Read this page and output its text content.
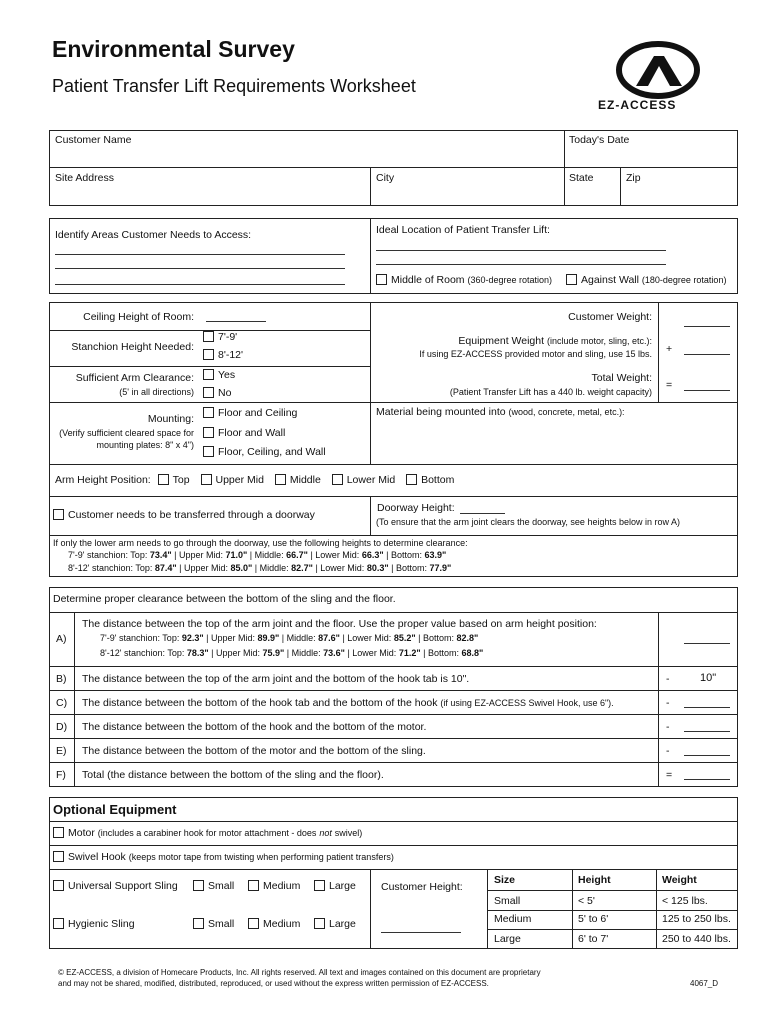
Environmental Survey
Patient Transfer Lift Requirements Worksheet
EZ-ACCESS
Customer Name	Today's Date
Site Address	City	State	Zip
Identify Areas Customer Needs to Access:	Ideal Location of Patient Transfer Lift:
Middle of Room (360-degree rotation)	Against Wall (180-degree rotation)
Ceiling Height of Room:
Stanchion Height Needed:
7'-9'
8'-12'
Sufficient Arm Clearance:
(5' in all directions)
Yes
No
Mounting:
(Verify sufficient cleared space for
mounting plates: 8" x 4")
Floor and Ceiling
Floor and Wall
Floor, Ceiling, and Wall
Customer Weight:
Equipment Weight (include motor, sling, etc.):
If using EZ-ACCESS provided motor and sling, use 15 lbs. +
Total Weight:
(Patient Transfer Lift has a 440 lb. weight capacity)
=
Material being mounted into (wood, concrete, metal, etc.):
Arm Height Position: Top Upper Mid Middle Lower Mid Bottom
Customer needs to be transferred through a doorway
Doorway Height:
(To ensure that the arm joint clears the doorway, see heights below in row A)
If only the lower arm needs to go through the doorway, use the following heights to determine clearance:
7'-9' stanchion: Top: 73.4" | Upper Mid: 71.0" | Middle: 66.7" | Lower Mid: 66.3" | Bottom: 63.9"
8'-12' stanchion: Top: 87.4" | Upper Mid: 85.0" | Middle: 82.7" | Lower Mid: 80.3" | Bottom: 77.9"
Determine proper clearance between the bottom of the sling and the floor.
A)
The distance between the top of the arm joint and the floor. Use the proper value based on arm height position:
7'-9' stanchion: Top: 92.3" | Upper Mid: 89.9" | Middle: 87.6" | Lower Mid: 85.2" | Bottom: 82.8"
8'-12' stanchion: Top: 78.3" | Upper Mid: 75.9" | Middle: 73.6" | Lower Mid: 71.2" | Bottom: 68.8"
B) The distance between the top of the arm joint and the bottom of the hook tab is 10".	-	10"
C) The distance between the bottom of the hook tab and the bottom of the hook (if using EZ-ACCESS Swivel Hook, use 6").	-
D) The distance between the bottom of the hook and the bottom of the motor.	-
E) The distance between the bottom of the motor and the bottom of the sling.	-
F) Total (the distance between the bottom of the sling and the floor).	=
Optional Equipment
Motor (includes a carabiner hook for motor attachment - does not swivel)
Swivel Hook (keeps motor tape from twisting when performing patient transfers)
Universal Support Sling	Small	Medium	Large
Hygienic Sling	Small	Medium	Large
Customer Height:
Size	Height	Weight
Small	< 5'	< 125 lbs.
Medium	5' to 6'	125 to 250 lbs.
Large	6' to 7'	250 to 440 lbs.
© EZ-ACCESS, a division of Homecare Products, Inc. All rights reserved. All text and images contained on this document are proprietary
and may not be shared, modified, distributed, reproduced, or used without the express written permission of EZ-ACCESS.	4067_D
